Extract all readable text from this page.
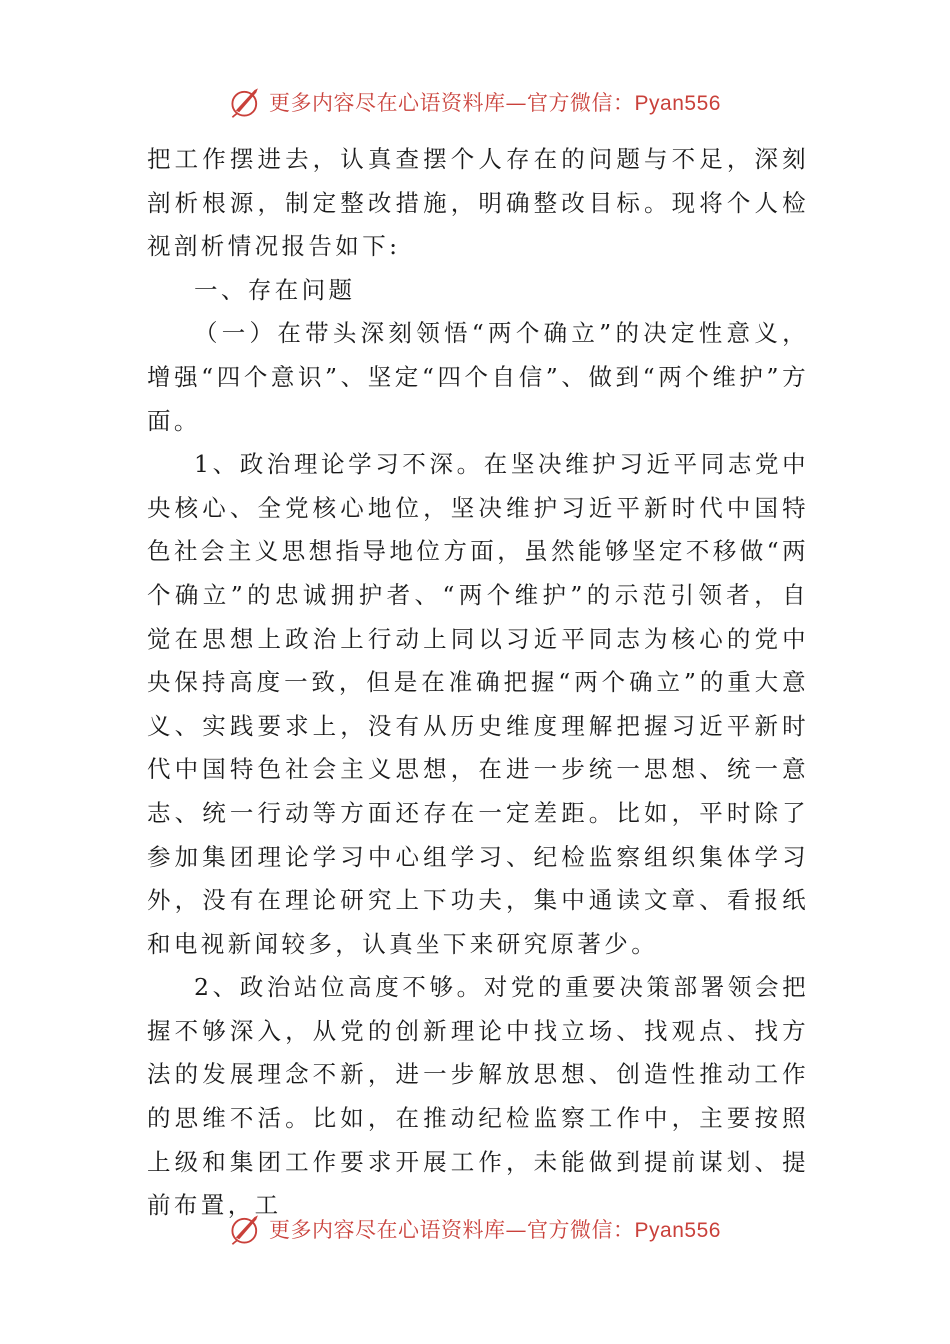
更多内容尽在心语资料库—官方微信：Pyan556

把工作摆进去，认真查摆个人存在的问题与不足，深刻剖析根源，制定整改措施，明确整改目标。现将个人检视剖析情况报告如下:

一、存在问题

（一）在带头深刻领悟“两个确立”的决定性意义，增强“四个意识”、坚定“四个自信”、做到“两个维护”方面。

1、政治理论学习不深。在坚决维护习近平同志党中央核心、全党核心地位，坚决维护习近平新时代中国特色社会主义思想指导地位方面，虽然能够坚定不移做“两个确立”的忠诚拥护者、“两个维护”的示范引领者，自觉在思想上政治上行动上同以习近平同志为核心的党中央保持高度一致，但是在准确把握“两个确立”的重大意义、实践要求上，没有从历史维度理解把握习近平新时代中国特色社会主义思想，在进一步统一思想、统一意志、统一行动等方面还存在一定差距。比如，平时除了参加集团理论学习中心组学习、纪检监察组织集体学习外，没有在理论研究上下功夫，集中通读文章、看报纸和电视新闻较多，认真坐下来研究原著少。

2、政治站位高度不够。对党的重要决策部署领会把握不够深入，从党的创新理论中找立场、找观点、找方法的发展理念不新，进一步解放思想、创造性推动工作的思维不活。比如，在推动纪检监察工作中，主要按照上级和集团工作要求开展工作，未能做到提前谋划、提前布置，工

更多内容尽在心语资料库—官方微信：Pyan556
